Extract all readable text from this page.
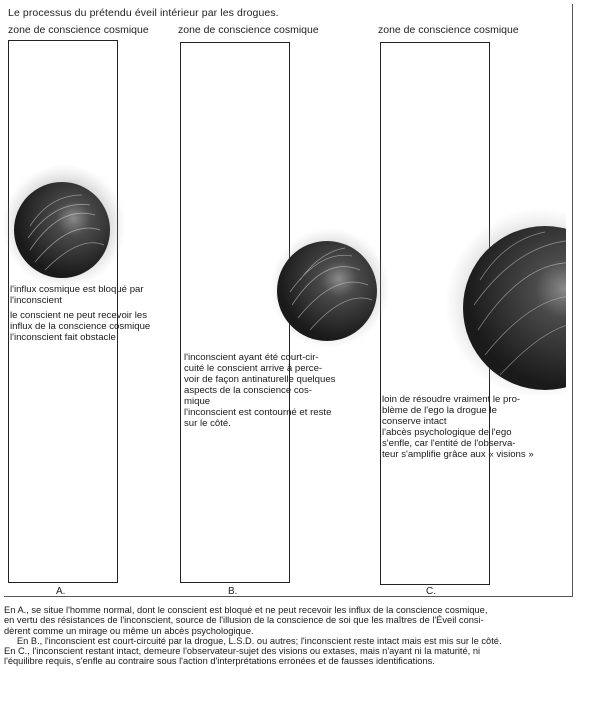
Le processus du prétendu éveil intérieur par les drogues.
zone de conscience cosmique	zone de conscience cosmique	zone de conscience cosmique
l'influx cosmique est bloqué par
l'inconscient
le conscient ne peut recevoir les
influx de la conscience cosmique
l'inconscient fait obstacle
l'inconscient ayant été court-cir-
cuité le conscient arrive à perce-
voir de façon antinaturelle quelques
aspects de la conscience cos-
mique
l'inconscient est contourné et reste
sur le côté.
loin de résoudre vraiment le pro-
blème de l'ego la drogue le
conserve intact
l'abcès psychologique de l'ego
s'enfle, car l'entité de l'observa-
teur s'amplifie grâce aux « visions »
A.	B.	C.

En A., se situe l'homme normal, dont le conscient est bloqué et ne peut recevoir les influx de la conscience cosmique,

en vertu des résistances de l'inconscient, source de l'illusion de la conscience de soi que les maîtres de l'Éveil consi-

dèrent comme un mirage ou même un abcès psychologique.

En B., l'inconscient est court-circuité par la drogue, L.S.D. ou autres; l'inconscient reste intact mais est mis sur le côté.

En C., l'inconscient restant intact, demeure l'observateur-sujet des visions ou extases, mais n'ayant ni la maturité, ni

l'équilibre requis, s'enfle au contraire sous l'action d'interprétations erronées et de fausses identifications.
